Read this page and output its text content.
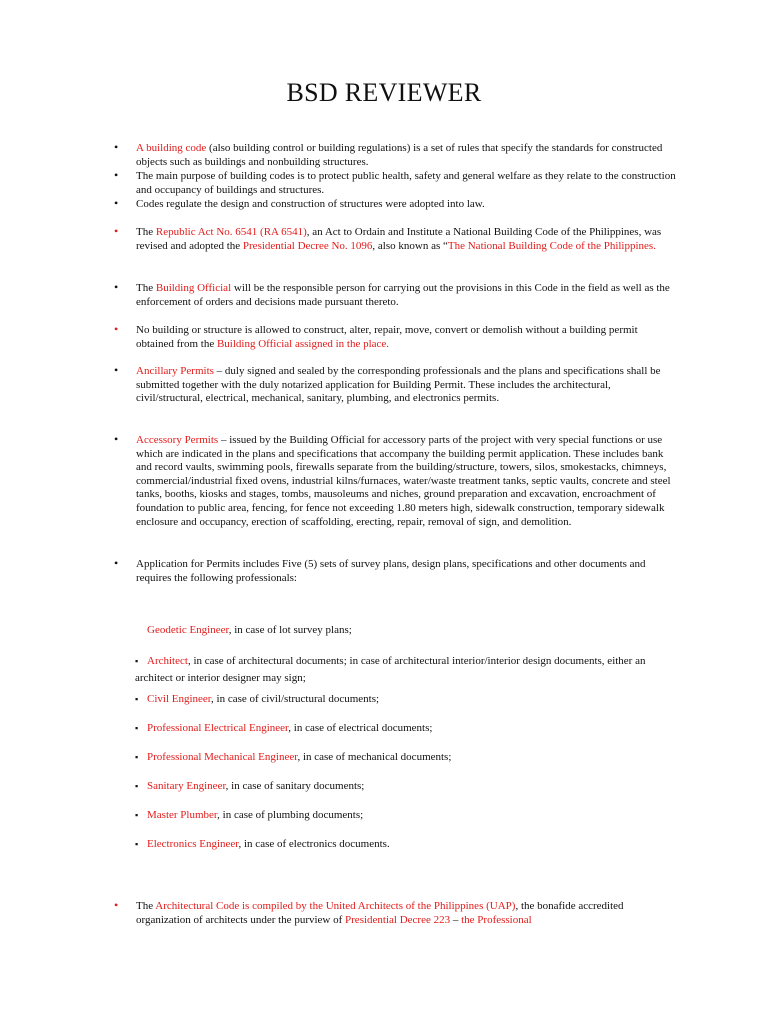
BSD REVIEWER
• A building code (also building control or building regulations) is a set of rules that specify the standards for constructed objects such as buildings and nonbuilding structures.
• The main purpose of building codes is to protect public health, safety and general welfare as they relate to the construction and occupancy of buildings and structures.
• Codes regulate the design and construction of structures were adopted into law.
• The Republic Act No. 6541 (RA 6541), an Act to Ordain and Institute a National Building Code of the Philippines, was revised and adopted the Presidential Decree No. 1096, also known as “The National Building Code of the Philippines.
• The Building Official will be the responsible person for carrying out the provisions in this Code in the field as well as the enforcement of orders and decisions made pursuant thereto.
• No building or structure is allowed to construct, alter, repair, move, convert or demolish without a building permit obtained from the Building Official assigned in the place.
• Ancillary Permits – duly signed and sealed by the corresponding professionals and the plans and specifications shall be submitted together with the duly notarized application for Building Permit. These includes the architectural, civil/structural, electrical, mechanical, sanitary, plumbing, and electronics permits.
• Accessory Permits – issued by the Building Official for accessory parts of the project with very special functions or use which are indicated in the plans and specifications that accompany the building permit application. These includes bank and record vaults, swimming pools, firewalls separate from the building/structure, towers, silos, smokestacks, chimneys, commercial/industrial fixed ovens, industrial kilns/furnaces, water/waste treatment tanks, septic vaults, concrete and steel tanks, booths, kiosks and stages, tombs, mausoleums and niches, ground preparation and excavation, encroachment of foundation to public area, fencing, for fence not exceeding 1.80 meters high, sidewalk construction, temporary sidewalk enclosure and occupancy, erection of scaffolding, erecting, repair, removal of sign, and demolition.
• Application for Permits includes Five (5) sets of survey plans, design plans, specifications and other documents and requires the following professionals:
Geodetic Engineer, in case of lot survey plans;
▪ Architect, in case of architectural documents; in case of architectural interior/interior design documents, either an architect or interior designer may sign;
▪ Civil Engineer, in case of civil/structural documents;
▪ Professional Electrical Engineer, in case of electrical documents;
▪ Professional Mechanical Engineer, in case of mechanical documents;
▪ Sanitary Engineer, in case of sanitary documents;
▪ Master Plumber, in case of plumbing documents;
▪ Electronics Engineer, in case of electronics documents.
• The Architectural Code is compiled by the United Architects of the Philippines (UAP), the bonafide accredited organization of architects under the purview of Presidential Decree 223 – the Professional
